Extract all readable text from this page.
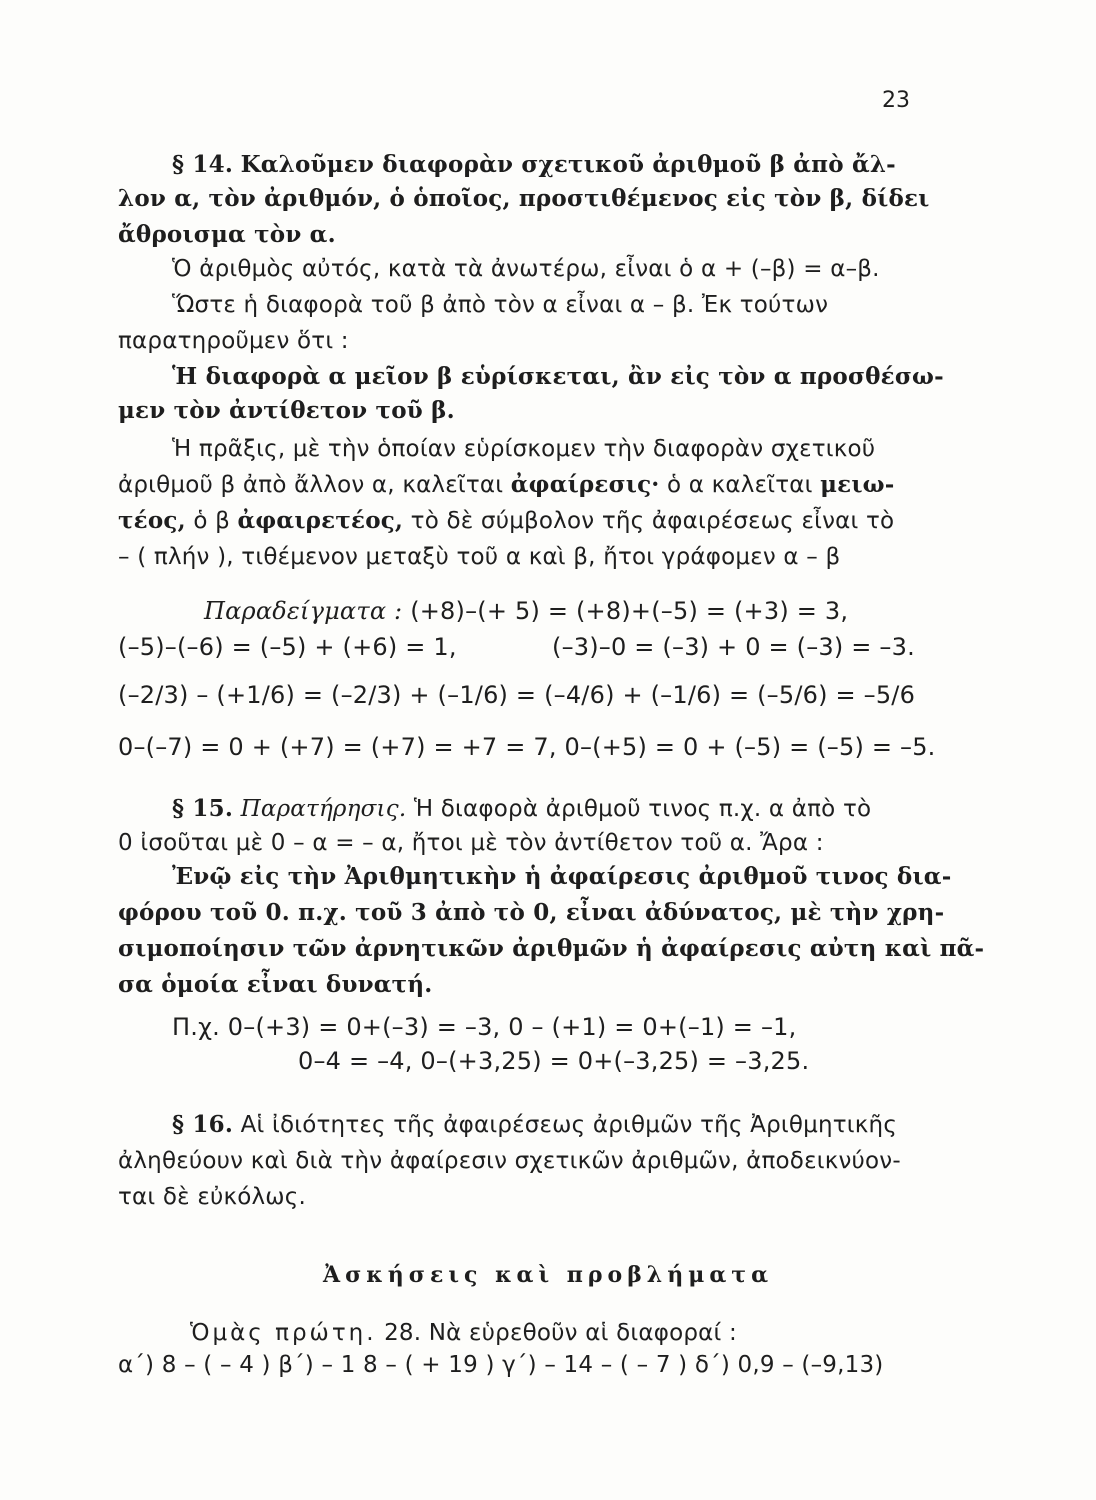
23
§ 14. Καλοῦμεν διαφορὰν σχετικοῦ ἀριθμοῦ β ἀπὸ ἄλ-
λον α, τὸν ἀριθμόν, ὁ ὁποῖος, προστιθέμενος εἰς τὸν β, δίδει
ἄθροισμα τὸν α.
Ὁ ἀριθμὸς αὐτός, κατὰ τὰ ἀνωτέρω, εἶναι ὁ α + (–β) = α–β.
Ὥστε ἡ διαφορὰ τοῦ β ἀπὸ τὸν α εἶναι α – β. Ἐκ τούτων
παρατηροῦμεν ὅτι :
Ἡ διαφορὰ α μεῖον β εὑρίσκεται, ἂν εἰς τὸν α προσθέσω-
μεν τὸν ἀντίθετον τοῦ β.
Ἡ πρᾶξις, μὲ τὴν ὁποίαν εὑρίσκομεν τὴν διαφορὰν σχετικοῦ
ἀριθμοῦ β ἀπὸ ἄλλον α, καλεῖται ἀφαίρεσις· ὁ α καλεῖται μειω-
τέος, ὁ β ἀφαιρετέος, τὸ δὲ σύμβολον τῆς ἀφαιρέσεως εἶναι τὸ
– ( πλήν ), τιθέμενον μεταξὺ τοῦ α καὶ β, ἤτοι γράφομεν α – β
Παραδείγματα : (+8)–(+ 5) = (+8)+(–5) = (+3) = 3,
(–5)–(–6) = (–5) + (+6) = 1,	(–3)–0 = (–3) + 0 = (–3) = –3.
(–2/3) – (+1/6) = (–2/3) + (–1/6) = (–4/6) + (–1/6) = (–5/6) = –5/6
0–(–7) = 0 + (+7) = (+7) = +7 = 7, 0–(+5) = 0 + (–5) = (–5) = –5.
§ 15. Παρατήρησις. Ἡ διαφορὰ ἀριθμοῦ τινος π.χ. α ἀπὸ τὸ
0 ἰσοῦται μὲ 0 – α = – α, ἤτοι μὲ τὸν ἀντίθετον τοῦ α. Ἄρα :
Ἐνῷ εἰς τὴν Ἀριθμητικὴν ἡ ἀφαίρεσις ἀριθμοῦ τινος δια-
φόρου τοῦ 0. π.χ. τοῦ 3 ἀπὸ τὸ 0, εἶναι ἀδύνατος, μὲ τὴν χρη-
σιμοποίησιν τῶν ἀρνητικῶν ἀριθμῶν ἡ ἀφαίρεσις αὐτη καὶ πᾶ-
σα ὁμοία εἶναι δυνατή.
Π.χ. 0–(+3) = 0+(–3) = –3, 0 – (+1) = 0+(–1) = –1,
0–4 = –4, 0–(+3,25) = 0+(–3,25) = –3,25.
§ 16. Αἱ ἰδιότητες τῆς ἀφαιρέσεως ἀριθμῶν τῆς Ἀριθμητικῆς
ἀληθεύουν καὶ διὰ τὴν ἀφαίρεσιν σχετικῶν ἀριθμῶν, ἀποδεικνύον-
ται δὲ εὐκόλως.
Ἀσκήσεις καὶ προβλήματα
Ὁμὰς πρώτη. 28. Νὰ εὑρεθοῦν αἱ διαφοραί :
α΄) 8 – ( – 4 ) β΄) – 1 8 – ( + 19 ) γ΄) – 14 – ( – 7 ) δ΄) 0,9 – (–9,13)
